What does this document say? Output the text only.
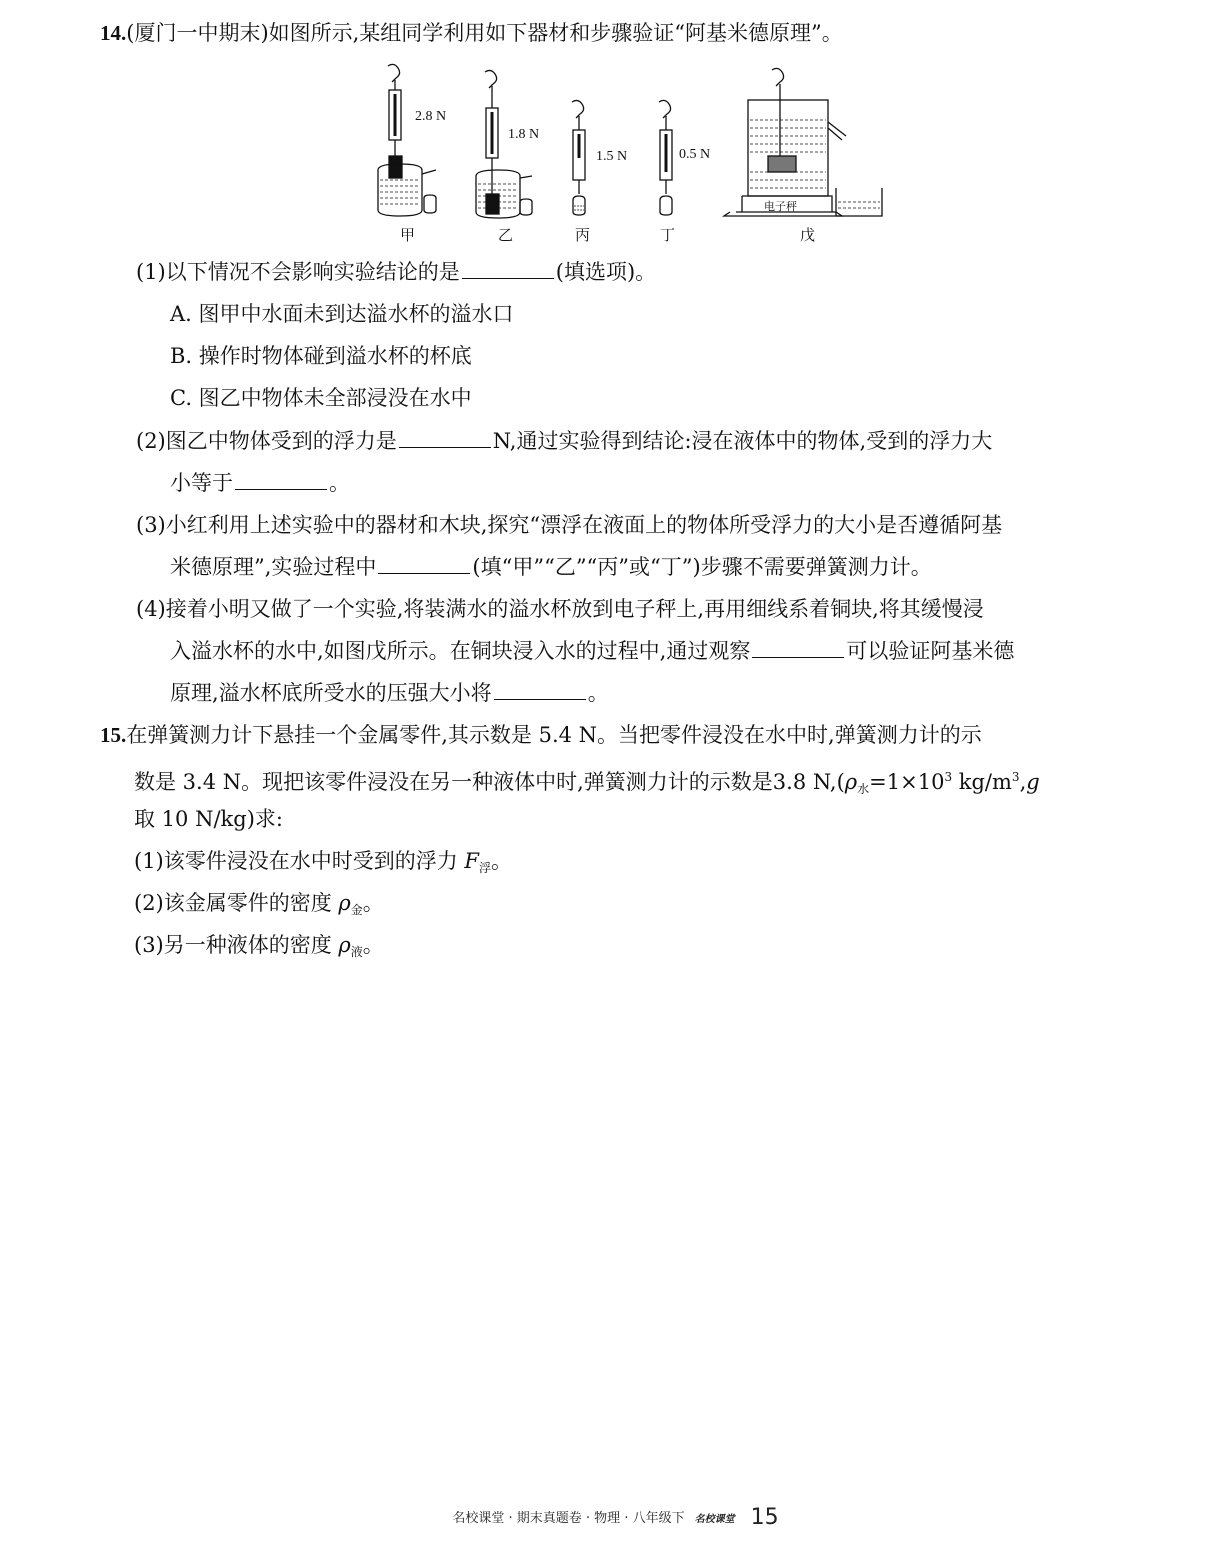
14.(厦门一中期末)如图所示,某组同学利用如下器材和步骤验证“阿基米德原理”。
2.8 N
1.8 N
1.5 N	0.5 N
电子秤
甲	乙	丙	丁	戊
(1)以下情况不会影响实验结论的是	(填选项)。
A. 图甲中水面未到达溢水杯的溢水口
B. 操作时物体碰到溢水杯的杯底
C. 图乙中物体未全部浸没在水中
(2)图乙中物体受到的浮力是	N,通过实验得到结论:浸在液体中的物体,受到的浮力大
小等于	。
(3)小红利用上述实验中的器材和木块,探究“漂浮在液面上的物体所受浮力的大小是否遵循阿基
米德原理”,实验过程中	(填“甲”“乙”“丙”或“丁”)步骤不需要弹簧测力计。
(4)接着小明又做了一个实验,将装满水的溢水杯放到电子秤上,再用细线系着铜块,将其缓慢浸
入溢水杯的水中,如图戊所示。在铜块浸入水的过程中,通过观察	可以验证阿基米德
原理,溢水杯底所受水的压强大小将	。
15.在弹簧测力计下悬挂一个金属零件,其示数是 5.4 N。当把零件浸没在水中时,弹簧测力计的示
数是 3.4 N。现把该零件浸没在另一种液体中时,弹簧测力计的示数是3.8 $N,(\rho_水=1\times 10^3$ $kg/m^3,g$
取 10 N/kg)求:
(1)该零件浸没在水中时受到的浮力 $F_浮$。
(2)该金属零件的密度 $\rho_金$。
(3)另一种液体的密度 $\rho_液$。
名校课堂 · 期末真题卷 · 物理 · 八年级下 名校课堂 15
